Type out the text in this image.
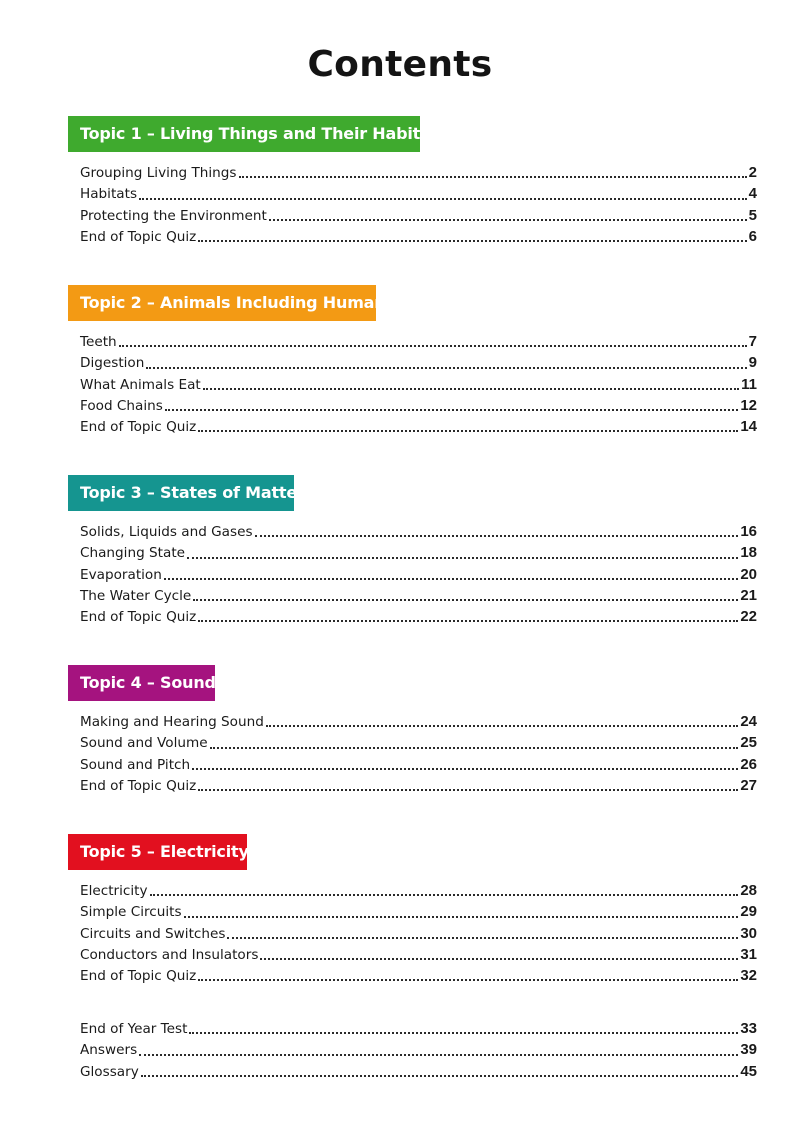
Contents
Topic 1 – Living Things and Their Habitats
Grouping Living Things	2
Habitats	4
Protecting the Environment	5
End of Topic Quiz	6
Topic 2 – Animals Including Humans
Teeth	7
Digestion	9
What Animals Eat	11
Food Chains	12
End of Topic Quiz	14
Topic 3 – States of Matter
Solids, Liquids and Gases	16
Changing State	18
Evaporation	20
The Water Cycle	21
End of Topic Quiz	22
Topic 4 – Sound
Making and Hearing Sound	24
Sound and Volume	25
Sound and Pitch	26
End of Topic Quiz	27
Topic 5 – Electricity
Electricity	28
Simple Circuits	29
Circuits and Switches	30
Conductors and Insulators	31
End of Topic Quiz	32
End of Year Test	33
Answers	39
Glossary	45
